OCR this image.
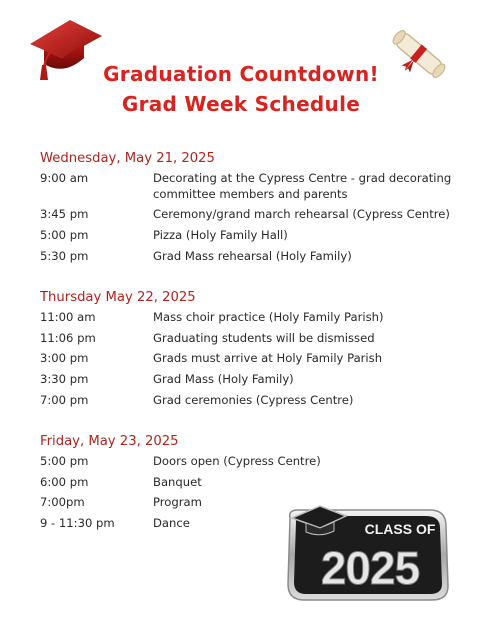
Graduation Countdown!
Grad Week Schedule
Wednesday, May 21, 2025
9:00 am	Decorating at the Cypress Centre - grad decorating committee members and parents
3:45 pm	Ceremony/grand march rehearsal (Cypress Centre)
5:00 pm	Pizza (Holy Family Hall)
5:30 pm	Grad Mass rehearsal (Holy Family)
Thursday May 22, 2025
11:00 am	Mass choir practice (Holy Family Parish)
11:06 pm	Graduating students will be dismissed
3:00 pm	Grads must arrive at Holy Family Parish
3:30 pm	Grad Mass (Holy Family)
7:00 pm	Grad ceremonies (Cypress Centre)
Friday, May 23, 2025
5:00 pm	Doors open (Cypress Centre)
6:00 pm	Banquet
7:00pm	Program
9 - 11:30 pm	Dance	CLASS OF
2025
